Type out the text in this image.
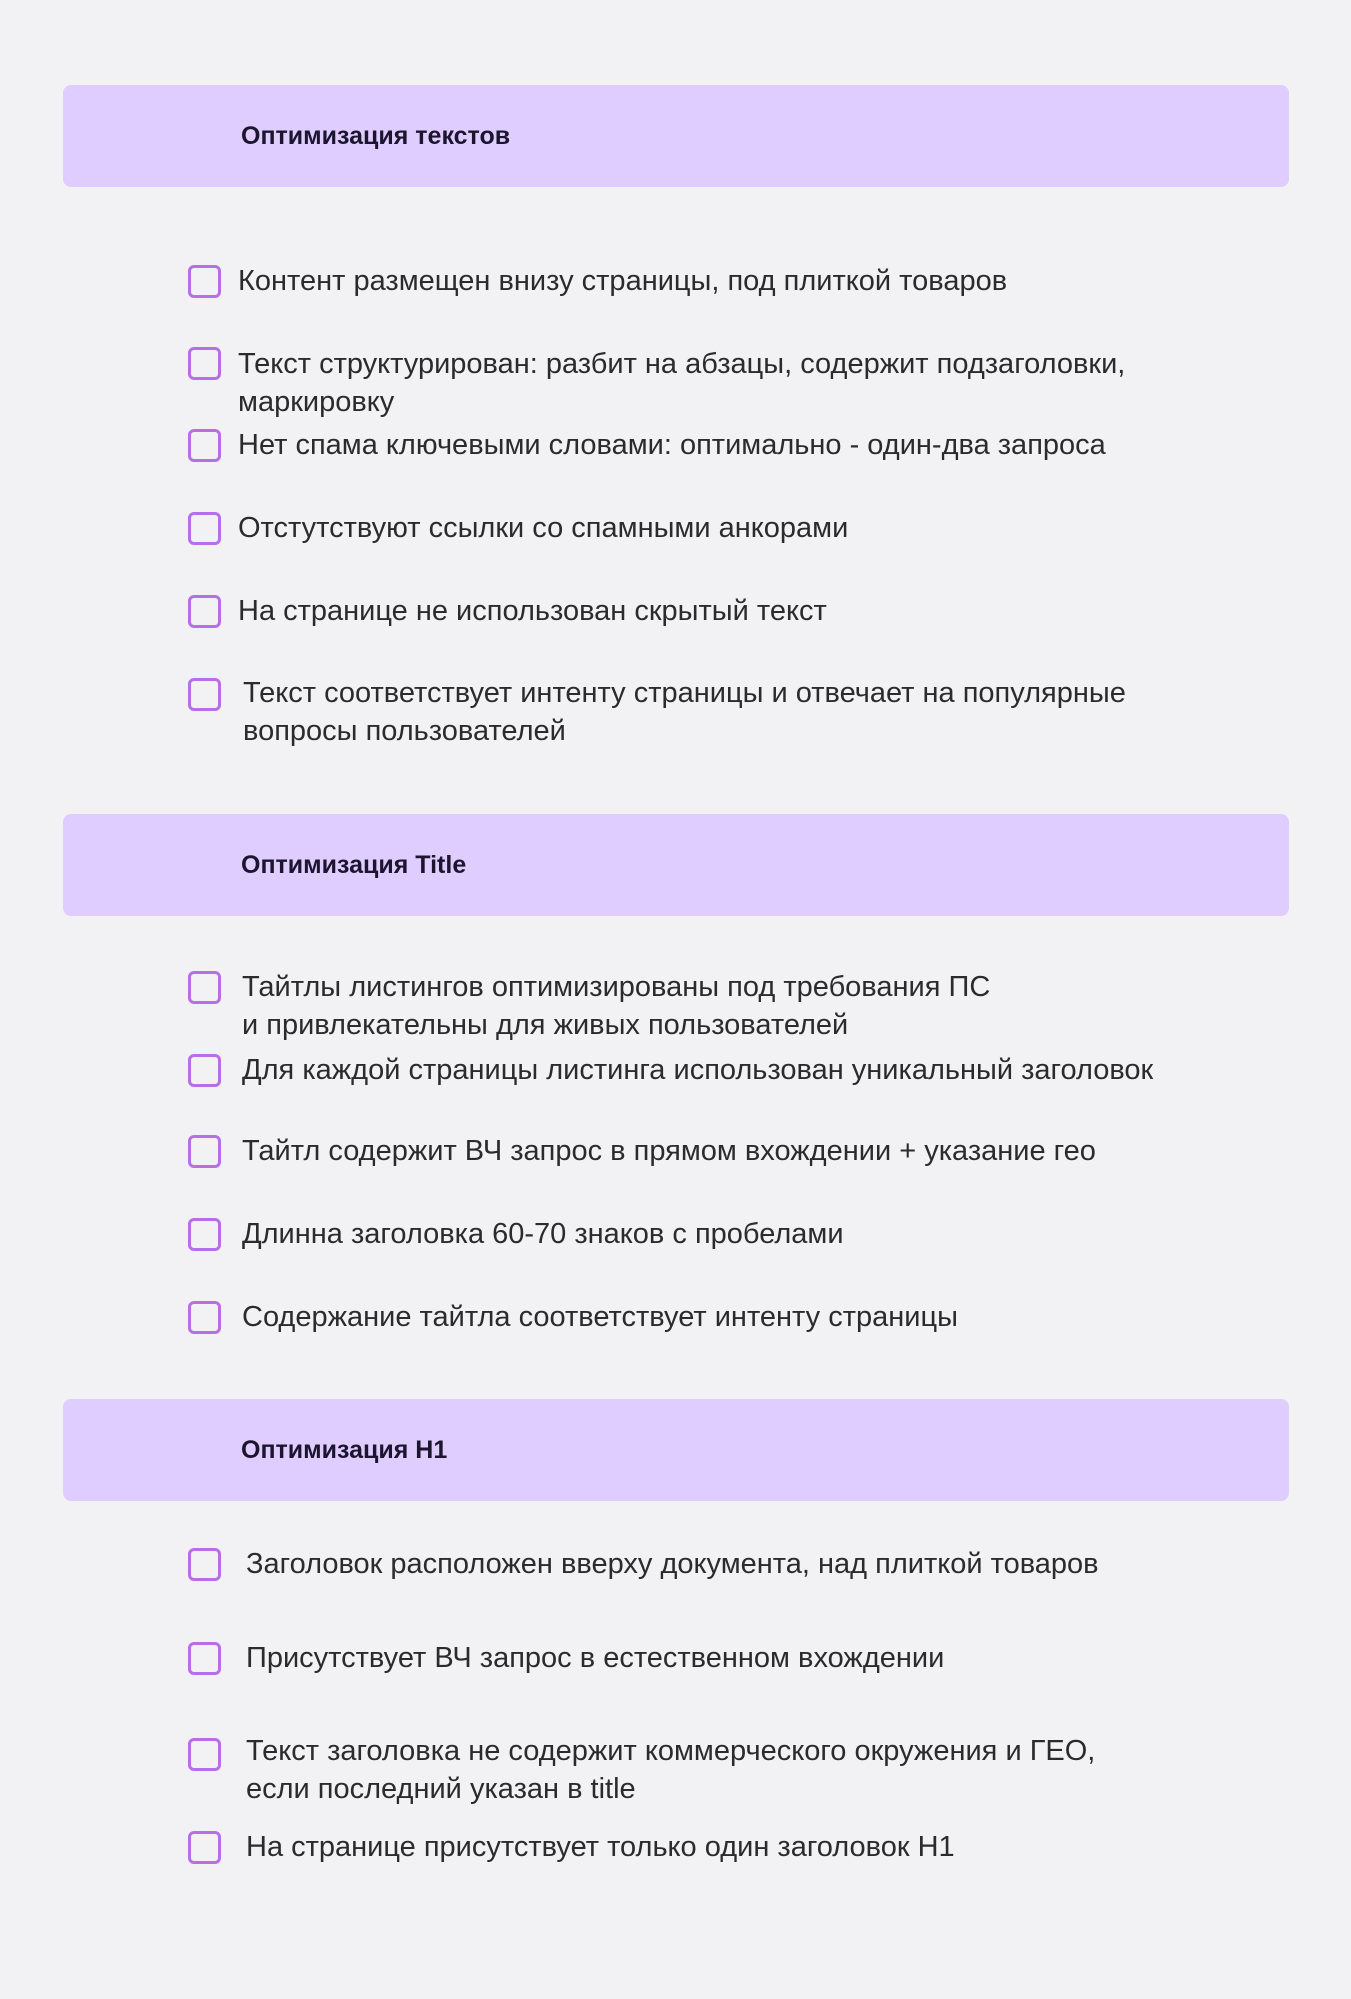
Оптимизация текстов
Контент размещен внизу страницы, под плиткой товаров
Текст структурирован: разбит на абзацы, содержит подзаголовки,
маркировку
Нет спама ключевыми словами: оптимально - один-два запроса
Отстутствуют ссылки со спамными анкорами
На странице не использован скрытый текст
Текст соответствует интенту страницы и отвечает на популярные
вопросы пользователей
Оптимизация Title
Тайтлы листингов оптимизированы под требования ПС
и привлекательны для живых пользователей
Для каждой страницы листинга использован уникальный заголовок
Тайтл содержит ВЧ запрос в прямом вхождении + указание гео
Длинна заголовка 60-70 знаков с пробелами
Содержание тайтла соответствует интенту страницы
Оптимизация H1
Заголовок расположен вверху документа, над плиткой товаров
Присутствует ВЧ запрос в естественном вхождении
Текст заголовка не содержит коммерческого окружения и ГЕО,
если последний указан в title
На странице присутствует только один заголовок H1
